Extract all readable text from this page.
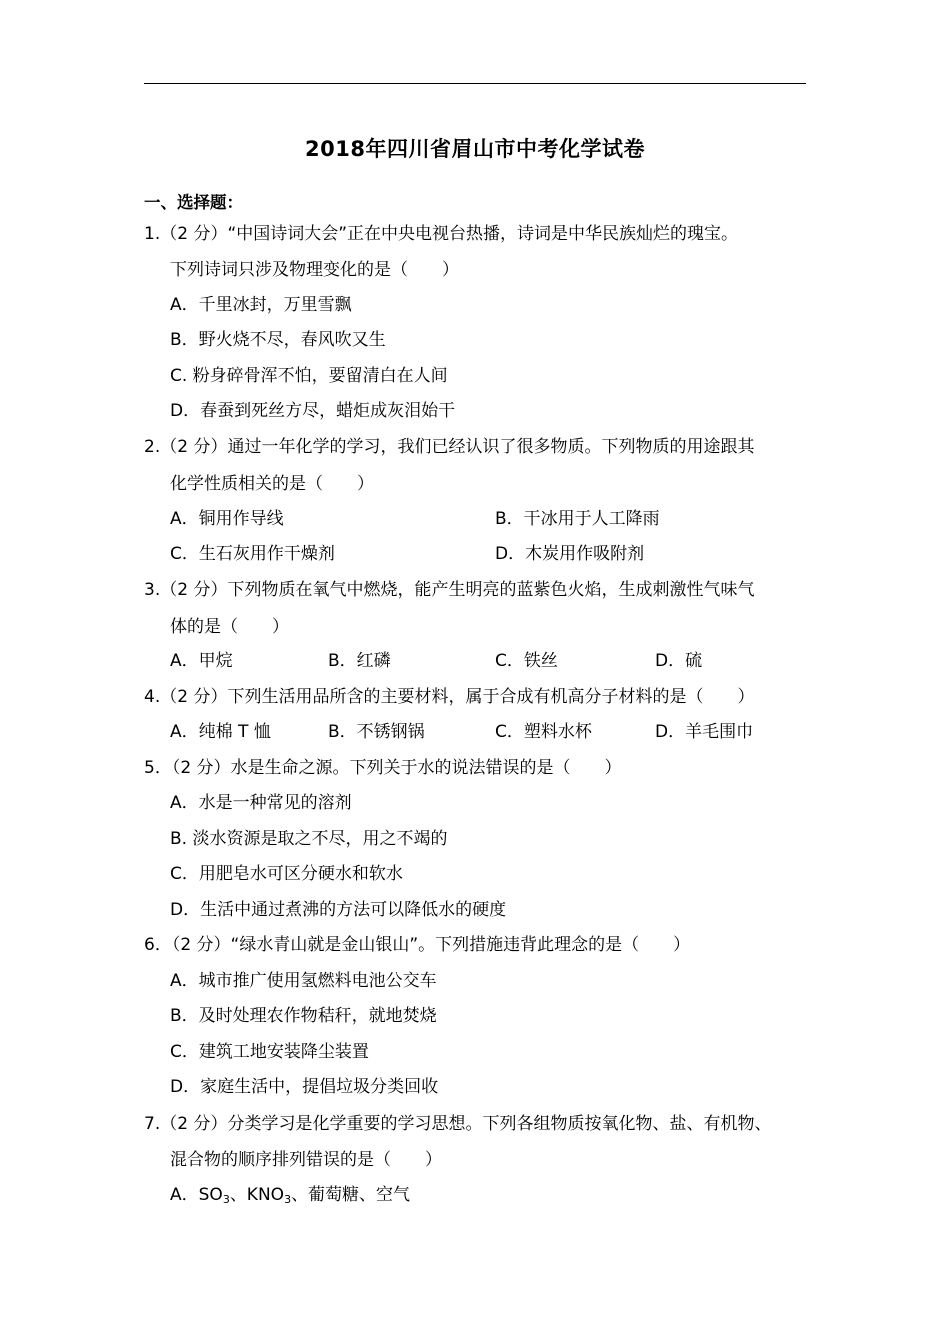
2018年四川省眉山市中考化学试卷
一、选择题：
1.（2 分）“中国诗词大会”正在中央电视台热播，诗词是中华民族灿烂的瑰宝。
下列诗词只涉及物理变化的是（　　）
A．千里冰封，万里雪飘
B．野火烧不尽，春风吹又生
C. 粉身碎骨浑不怕，要留清白在人间
D．春蚕到死丝方尽，蜡炬成灰泪始干
2.（2 分）通过一年化学的学习，我们已经认识了很多物质。下列物质的用途跟其
化学性质相关的是（　　）
A．铜用作导线	B．干冰用于人工降雨
C．生石灰用作干燥剂	D．木炭用作吸附剂
3.（2 分）下列物质在氧气中燃烧，能产生明亮的蓝紫色火焰，生成刺激性气味气
体的是（　　）
A．甲烷	B．红磷	C．铁丝	D．硫
4.（2 分）下列生活用品所含的主要材料，属于合成有机高分子材料的是（　　）
A．纯棉 T 恤	B．不锈钢锅	C．塑料水杯	D．羊毛围巾
5．（2 分）水是生命之源。下列关于水的说法错误的是（　　）
A．水是一种常见的溶剂
B. 淡水资源是取之不尽，用之不竭的
C．用肥皂水可区分硬水和软水
D．生活中通过煮沸的方法可以降低水的硬度
6．（2 分）“绿水青山就是金山银山”。下列措施违背此理念的是（　　）
A．城市推广使用氢燃料电池公交车
B．及时处理农作物秸秆，就地焚烧
C．建筑工地安装降尘装置
D．家庭生活中，提倡垃圾分类回收
7.（2 分）分类学习是化学重要的学习思想。下列各组物质按氧化物、盐、有机物、
混合物的顺序排列错误的是（　　）
A．$SO_3$、$KNO_3$、葡萄糖、空气
